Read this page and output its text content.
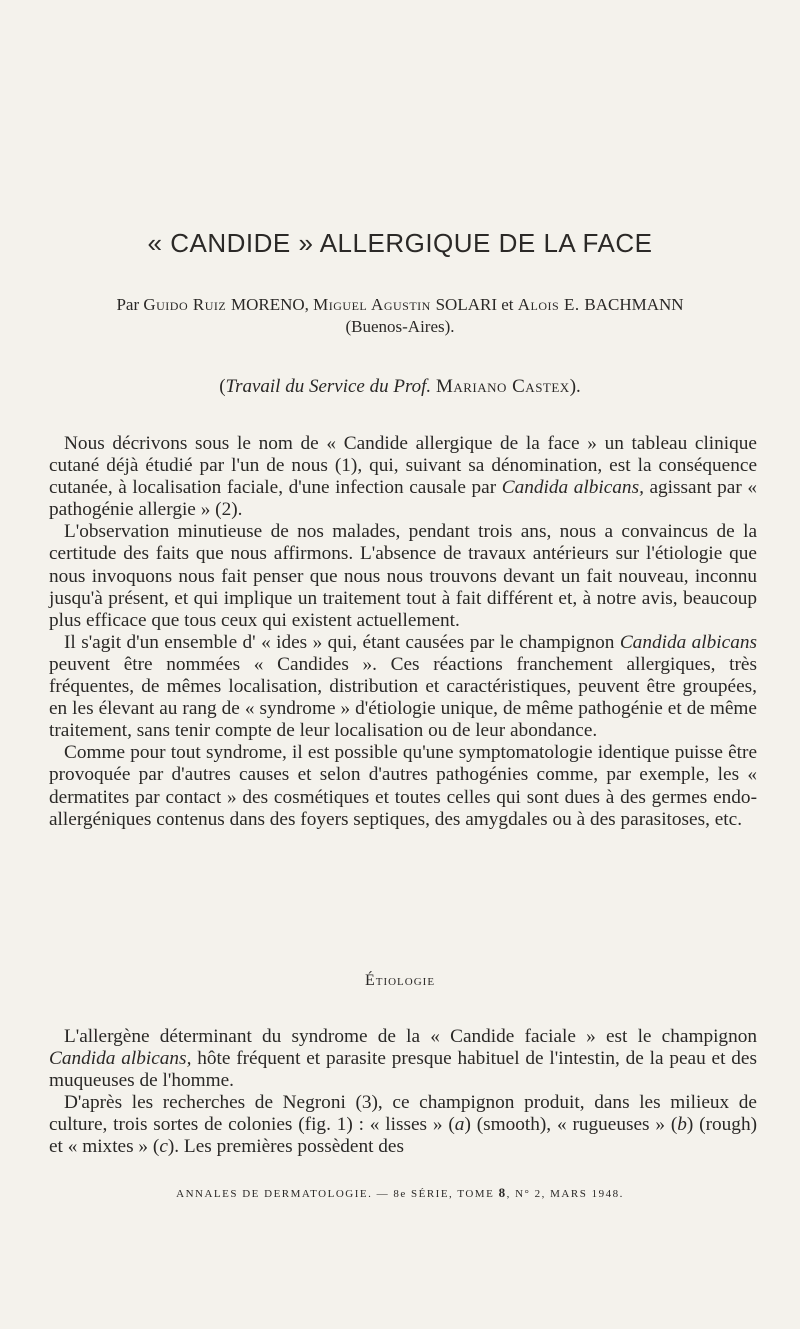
« CANDIDE » ALLERGIQUE DE LA FACE
Par Guido Ruiz MORENO, Miguel Agustin SOLARI et Alois E. BACHMANN
(Buenos-Aires).
(Travail du Service du Prof. Mariano Castex).

Nous décrivons sous le nom de « Candide allergique de la face » un tableau clinique cutané déjà étudié par l'un de nous (1), qui, suivant sa dénomination, est la conséquence cutanée, à localisation faciale, d'une infection causale par Candida albicans, agissant par « pathogénie allergie » (2).

L'observation minutieuse de nos malades, pendant trois ans, nous a convaincus de la certitude des faits que nous affirmons. L'absence de travaux antérieurs sur l'étiologie que nous invoquons nous fait penser que nous nous trouvons devant un fait nouveau, inconnu jusqu'à présent, et qui implique un traitement tout à fait différent et, à notre avis, beaucoup plus efficace que tous ceux qui existent actuellement.

Il s'agit d'un ensemble d' « ides » qui, étant causées par le champignon Candida albicans peuvent être nommées « Candides ». Ces réactions franchement allergiques, très fréquentes, de mêmes localisation, distribution et caractéristiques, peuvent être groupées, en les élevant au rang de « syndrome » d'étiologie unique, de même pathogénie et de même traitement, sans tenir compte de leur localisation ou de leur abondance.

Comme pour tout syndrome, il est possible qu'une symptomatologie identique puisse être provoquée par d'autres causes et selon d'autres pathogénies comme, par exemple, les « dermatites par contact » des cosmétiques et toutes celles qui sont dues à des germes endo-allergéniques contenus dans des foyers septiques, des amygdales ou à des parasitoses, etc.

Étiologie

L'allergène déterminant du syndrome de la « Candide faciale » est le champignon Candida albicans, hôte fréquent et parasite presque habituel de l'intestin, de la peau et des muqueuses de l'homme.

D'après les recherches de Negroni (3), ce champignon produit, dans les milieux de culture, trois sortes de colonies (fig. 1) : « lisses » (a) (smooth), « rugueuses » (b) (rough) et « mixtes » (c). Les premières possèdent des

ANNALES DE DERMATOLOGIE. — 8e SÉRIE, TOME 8, N° 2, MARS 1948.
